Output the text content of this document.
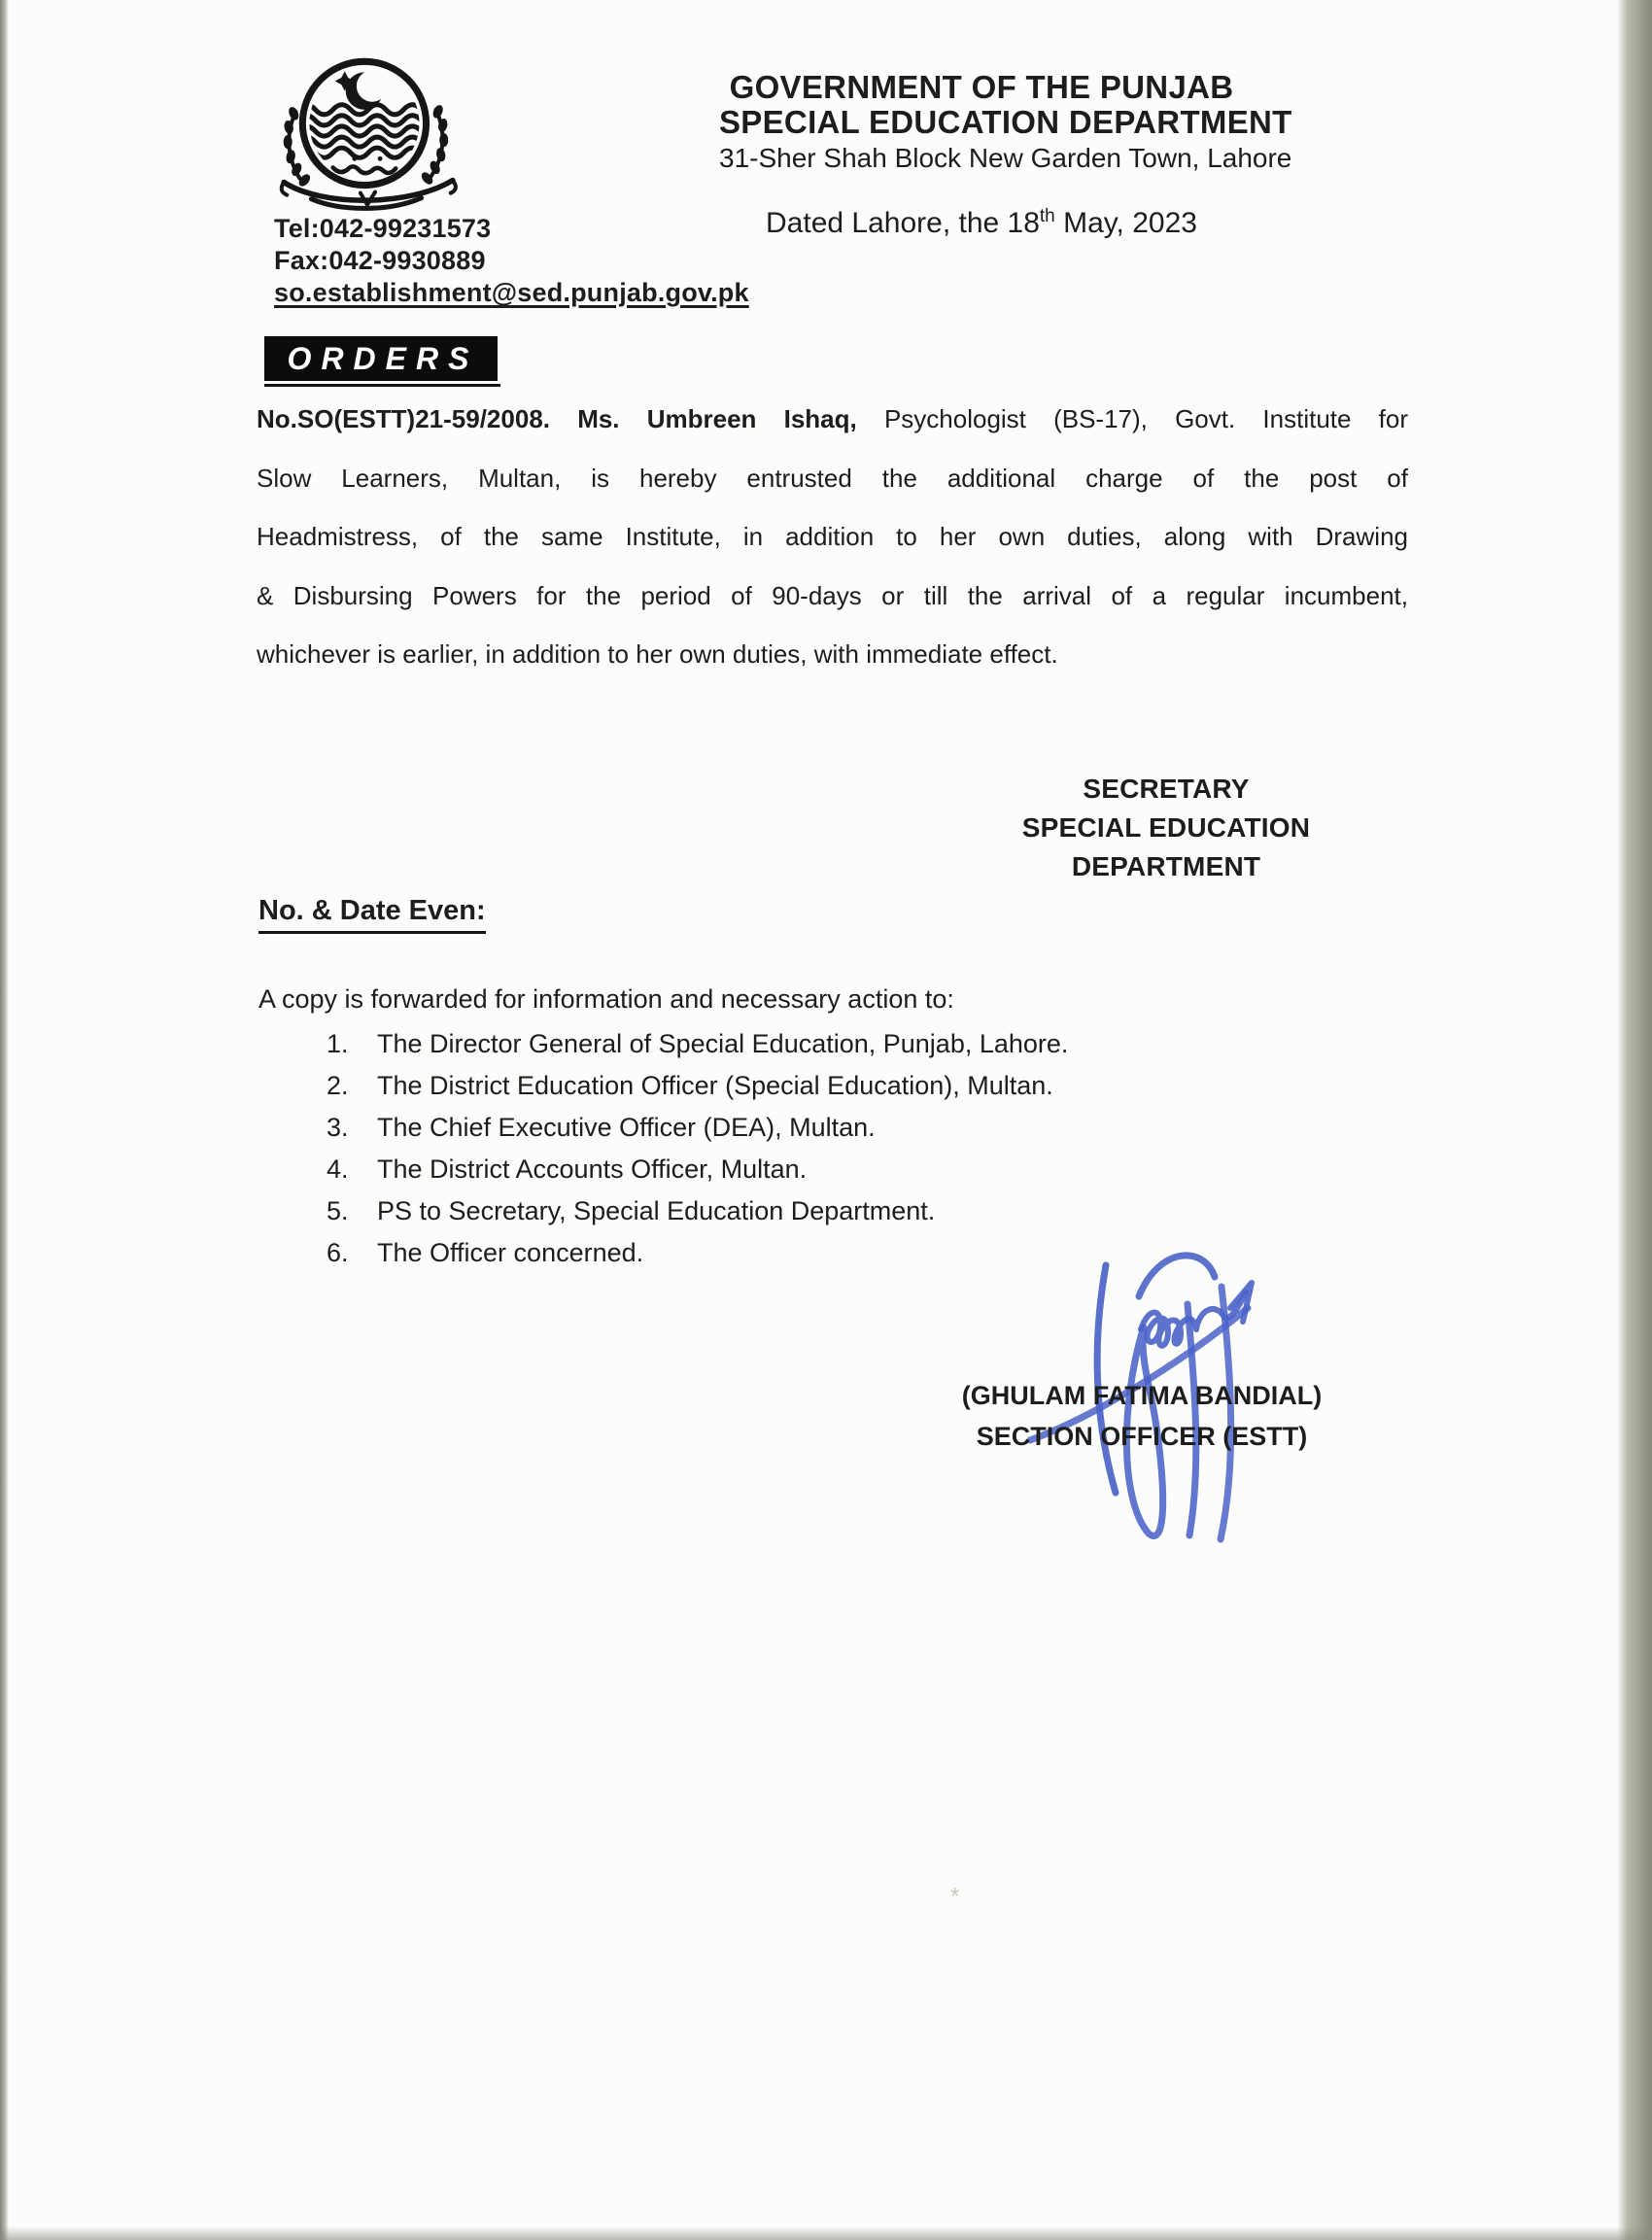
Tel:042-99231573
Fax:042-9930889
so.establishment@sed.punjab.gov.pk
GOVERNMENT OF THE PUNJAB
SPECIAL EDUCATION DEPARTMENT
31-Sher Shah Block New Garden Town, Lahore
Dated Lahore, the 18th May, 2023
ORDERS
No.SO(ESTT)21-59/2008. Ms. Umbreen Ishaq, Psychologist (BS-17), Govt. Institute for
Slow Learners, Multan, is hereby entrusted the additional charge of the post of
Headmistress, of the same Institute, in addition to her own duties, along with Drawing
& Disbursing Powers for the period of 90-days or till the arrival of a regular incumbent,
whichever is earlier, in addition to her own duties, with immediate effect.
SECRETARY
SPECIAL EDUCATION
DEPARTMENT
No. & Date Even:
A copy is forwarded for information and necessary action to:
1.	The Director General of Special Education, Punjab, Lahore.
2.	The District Education Officer (Special Education), Multan.
3.	The Chief Executive Officer (DEA), Multan.
4.	The District Accounts Officer, Multan.
5.	PS to Secretary, Special Education Department.
6.	The Officer concerned.
(GHULAM FATIMA BANDIAL)
SECTION OFFICER (ESTT)
*
